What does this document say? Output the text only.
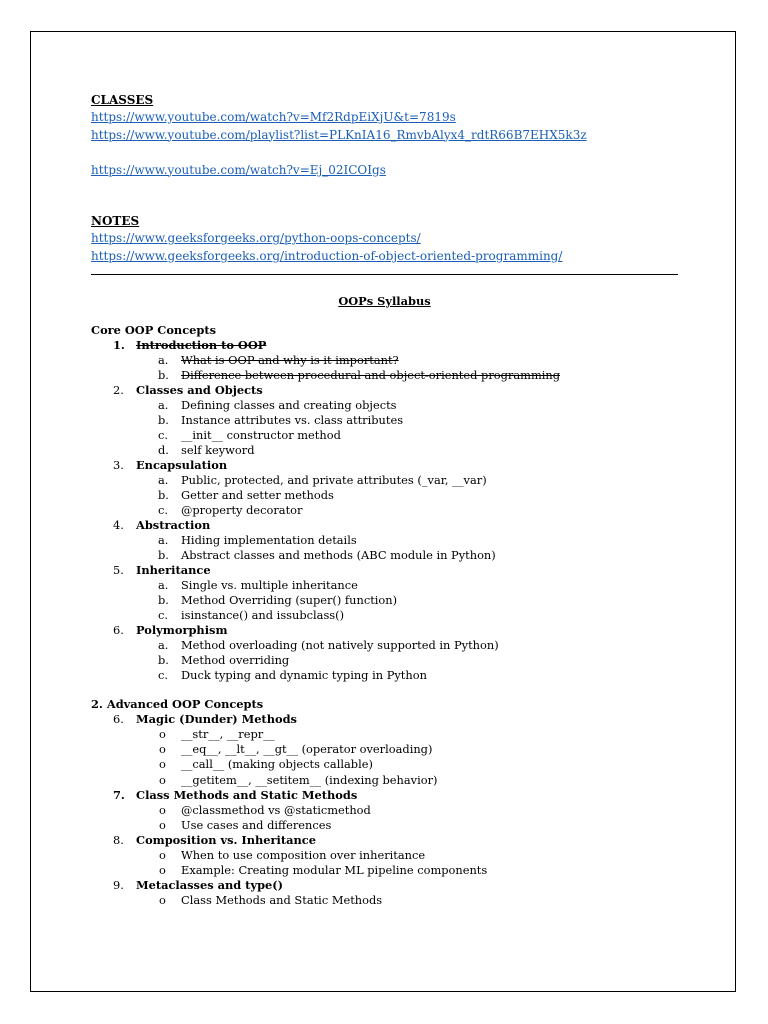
CLASSES
https://www.youtube.com/watch?v=Mf2RdpEiXjU&t=7819s
https://www.youtube.com/playlist?list=PLKnIA16_RmvbAlyx4_rdtR66B7EHX5k3z
https://www.youtube.com/watch?v=Ej_02ICOIgs
NOTES
https://www.geeksforgeeks.org/python-oops-concepts/
https://www.geeksforgeeks.org/introduction-of-object-oriented-programming/
OOPs Syllabus
Core OOP Concepts
1. Introduction to OOP
a. What is OOP and why is it important?
b. Difference between procedural and object-oriented programming
2. Classes and Objects
a. Defining classes and creating objects
b. Instance attributes vs. class attributes
c. __init__ constructor method
d. self keyword
3. Encapsulation
a. Public, protected, and private attributes (_var, __var)
b. Getter and setter methods
c. @property decorator
4. Abstraction
a. Hiding implementation details
b. Abstract classes and methods (ABC module in Python)
5. Inheritance
a. Single vs. multiple inheritance
b. Method Overriding (super() function)
c. isinstance() and issubclass()
6. Polymorphism
a. Method overloading (not natively supported in Python)
b. Method overriding
c. Duck typing and dynamic typing in Python
2. Advanced OOP Concepts
6. Magic (Dunder) Methods
o __str__, __repr__
o __eq__, __lt__, __gt__ (operator overloading)
o __call__ (making objects callable)
o __getitem__, __setitem__ (indexing behavior)
7. Class Methods and Static Methods
o @classmethod vs @staticmethod
o Use cases and differences
8. Composition vs. Inheritance
o When to use composition over inheritance
o Example: Creating modular ML pipeline components
9. Metaclasses and type()
o Class Methods and Static Methods
